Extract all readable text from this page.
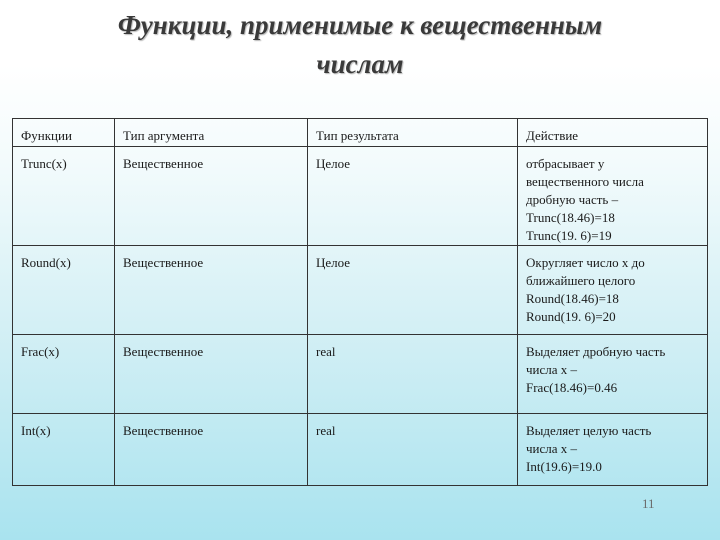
Функции, применимые к вещественным
числам
Функции	Тип аргумента	Тип результата	Действие
Trunc(x)	Вещественное	Целое	отбрасывает у
вещественного числа
дробную часть –
Trunc(18.46)=18
Trunc(19. 6)=19

Round(x)	Вещественное	Целое	Округляет число x до
ближайшего целого
Round(18.46)=18
Round(19. 6)=20

Frac(x)	Вещественное	real	Выделяет дробную часть
числа x –
Frac(18.46)=0.46

Int(x)	Вещественное	real	Выделяет целую часть
числа x –
Int(19.6)=19.0
11
